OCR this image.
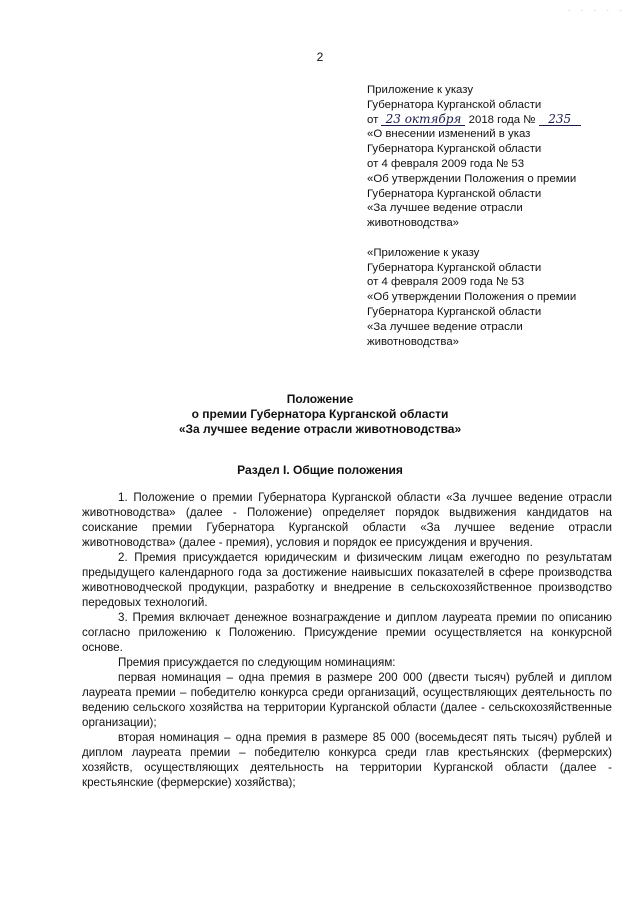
· · · · ·
2
Приложение к указу
Губернатора Курганской области
от 23 октября 2018 года № 235
«О внесении изменений в указ
Губернатора Курганской области
от 4 февраля 2009 года № 53
«Об утверждении Положения о премии
Губернатора Курганской области
«За лучшее ведение отрасли
животноводства»
«Приложение к указу
Губернатора Курганской области
от 4 февраля 2009 года № 53
«Об утверждении Положения о премии
Губернатора Курганской области
«За лучшее ведение отрасли
животноводства»
Положение
о премии Губернатора Курганской области
«За лучшее ведение отрасли животноводства»
Раздел I. Общие положения

1. Положение о премии Губернатора Курганской области «За лучшее ведение отрасли животноводства» (далее - Положение) определяет порядок выдвижения кандидатов на соискание премии Губернатора Курганской области «За лучшее ведение отрасли животноводства» (далее - премия), условия и порядок ее присуждения и вручения.

2. Премия присуждается юридическим и физическим лицам ежегодно по результатам предыдущего календарного года за достижение наивысших показателей в сфере производства животноводческой продукции, разработку и внедрение в сельскохозяйственное производство передовых технологий.

3. Премия включает денежное вознаграждение и диплом лауреата премии по описанию согласно приложению к Положению. Присуждение премии осуществляется на конкурсной основе.

Премия присуждается по следующим номинациям:

первая номинация – одна премия в размере 200 000 (двести тысяч) рублей и диплом лауреата премии – победителю конкурса среди организаций, осуществляющих деятельность по ведению сельского хозяйства на территории Курганской области (далее - сельскохозяйственные организации);

вторая номинация – одна премия в размере 85 000 (восемьдесят пять тысяч) рублей и диплом лауреата премии – победителю конкурса среди глав крестьянских (фермерских) хозяйств, осуществляющих деятельность на территории Курганской области (далее - крестьянские (фермерские) хозяйства);
